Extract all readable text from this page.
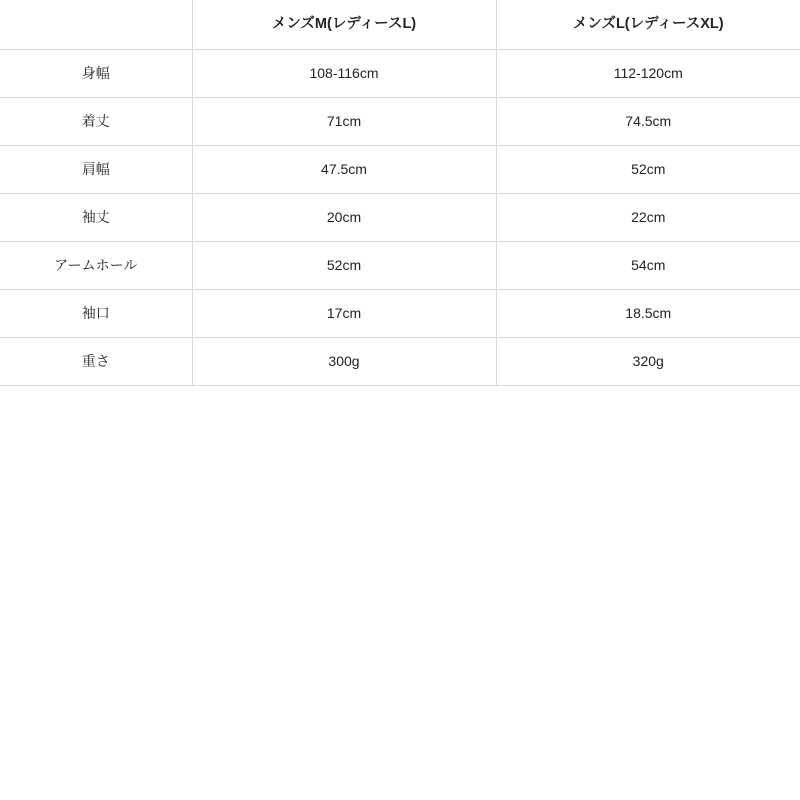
	メンズM(レディースL)	メンズL(レディースXL)
身幅	108-116cm	112-120cm
着丈	71cm	74.5cm
肩幅	47.5cm	52cm
袖丈	20cm	22cm
アームホール	52cm	54cm
袖口	17cm	18.5cm
重さ	300g	320g
